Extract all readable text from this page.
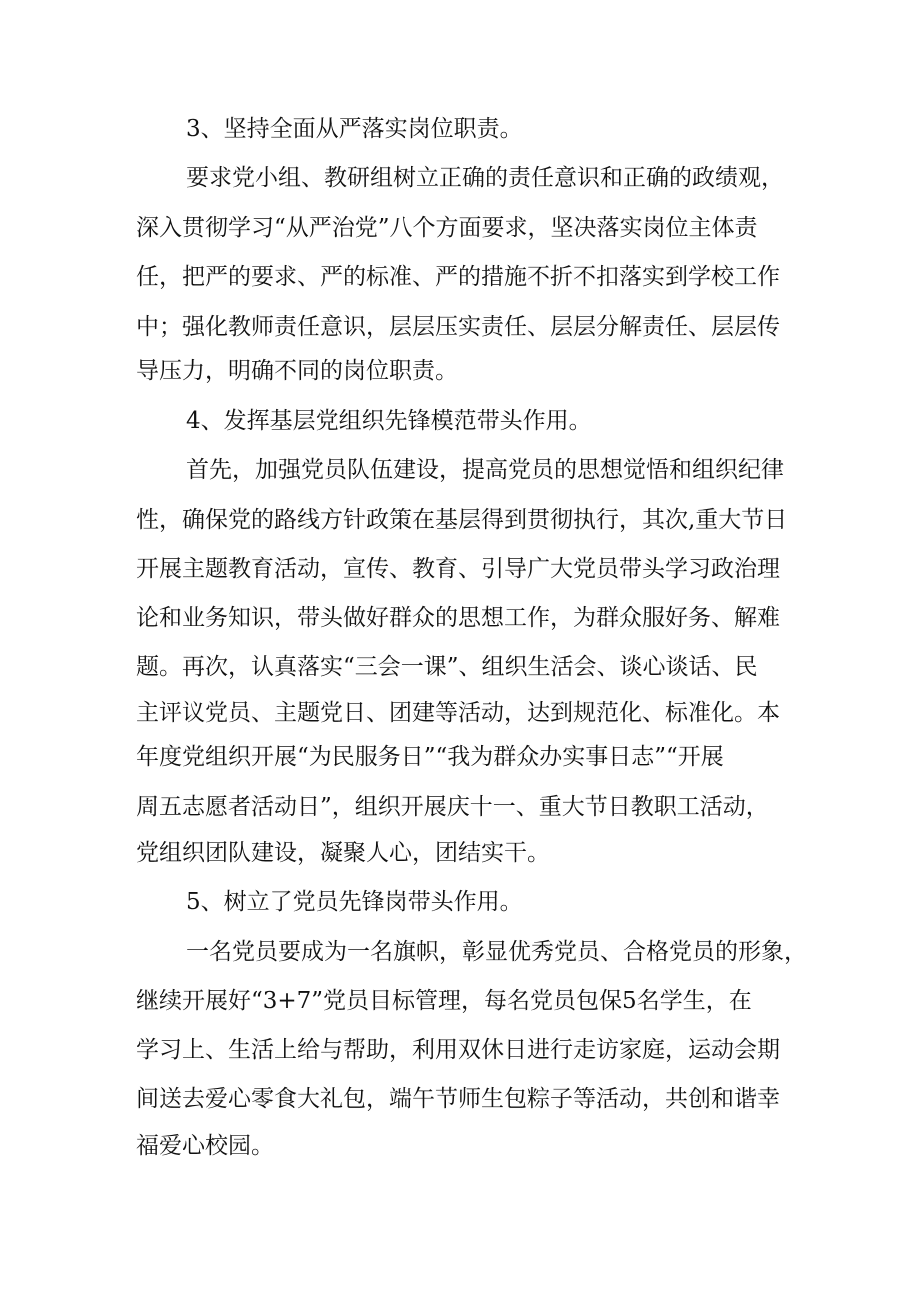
3、坚持全面从严落实岗位职责。

要求党小组、教研组树立正确的责任意识和正确的政绩观，

深入贯彻学习“从严治党”八个方面要求，坚决落实岗位主体责

任，把严的要求、严的标准、严的措施不折不扣落实到学校工作

中；强化教师责任意识，层层压实责任、层层分解责任、层层传

导压力，明确不同的岗位职责。

4、发挥基层党组织先锋模范带头作用。

首先，加强党员队伍建设，提高党员的思想觉悟和组织纪律

性，确保党的路线方针政策在基层得到贯彻执行，其次,重大节日

开展主题教育活动，宣传、教育、引导广大党员带头学习政治理

论和业务知识，带头做好群众的思想工作，为群众服好务、解难

题。再次，认真落实“三会一课”、组织生活会、谈心谈话、民

主评议党员、主题党日、团建等活动，达到规范化、标准化。本

年度党组织开展“为民服务日”“我为群众办实事日志”“开展

周五志愿者活动日”，组织开展庆十一、重大节日教职工活动，

党组织团队建设，凝聚人心，团结实干。

5、树立了党员先锋岗带头作用。

一名党员要成为一名旗帜，彰显优秀党员、合格党员的形象，

继续开展好“3+7”党员目标管理，每名党员包保5名学生，在

学习上、生活上给与帮助，利用双休日进行走访家庭，运动会期

间送去爱心零食大礼包，端午节师生包粽子等活动，共创和谐幸

福爱心校园。
